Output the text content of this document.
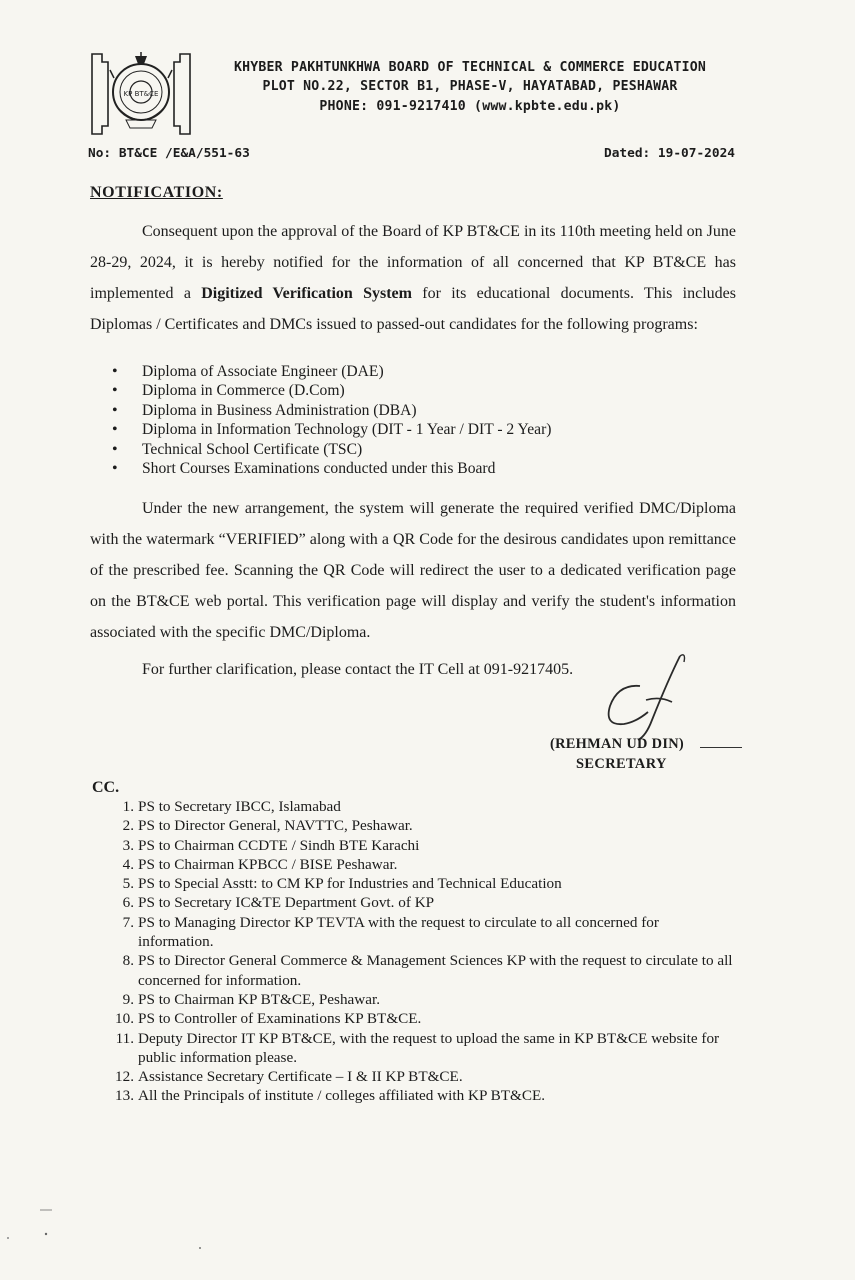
KP BT&CE
KHYBER PAKHTUNKHWA BOARD OF TECHNICAL & COMMERCE EDUCATION
PLOT NO.22, SECTOR B1, PHASE-V, HAYATABAD, PESHAWAR
PHONE: 091-9217410 (www.kpbte.edu.pk)
No: BT&CE /E&A/551-63	Dated: 19-07-2024
NOTIFICATION:

Consequent upon the approval of the Board of KP BT&CE in its 110th meeting held on June 28-29, 2024, it is hereby notified for the information of all concerned that KP BT&CE has implemented a Digitized Verification System for its educational documents. This includes Diplomas / Certificates and DMCs issued to passed-out candidates for the following programs:

• Diploma of Associate Engineer (DAE)
• Diploma in Commerce (D.Com)
• Diploma in Business Administration (DBA)
• Diploma in Information Technology (DIT - 1 Year / DIT - 2 Year)
• Technical School Certificate (TSC)
• Short Courses Examinations conducted under this Board

Under the new arrangement, the system will generate the required verified DMC/Diploma with the watermark “VERIFIED” along with a QR Code for the desirous candidates upon remittance of the prescribed fee. Scanning the QR Code will redirect the user to a dedicated verification page on the BT&CE web portal. This verification page will display and verify the student's information associated with the specific DMC/Diploma.

For further clarification, please contact the IT Cell at 091-9217405.

(REHMAN UD DIN)
SECRETARY
CC.
1. PS to Secretary IBCC, Islamabad
2. PS to Director General, NAVTTC, Peshawar.
3. PS to Chairman CCDTE / Sindh BTE Karachi
4. PS to Chairman KPBCC / BISE Peshawar.
5. PS to Special Asstt: to CM KP for Industries and Technical Education
6. PS to Secretary IC&TE Department Govt. of KP
7. PS to Managing Director KP TEVTA with the request to circulate to all concerned for information.
8. PS to Director General Commerce & Management Sciences KP with the request to circulate to all concerned for information.
9. PS to Chairman KP BT&CE, Peshawar.
10. PS to Controller of Examinations KP BT&CE.
11. Deputy Director IT KP BT&CE, with the request to upload the same in KP BT&CE website for public information please.
12. Assistance Secretary Certificate – I & II KP BT&CE.
13. All the Principals of institute / colleges affiliated with KP BT&CE.
